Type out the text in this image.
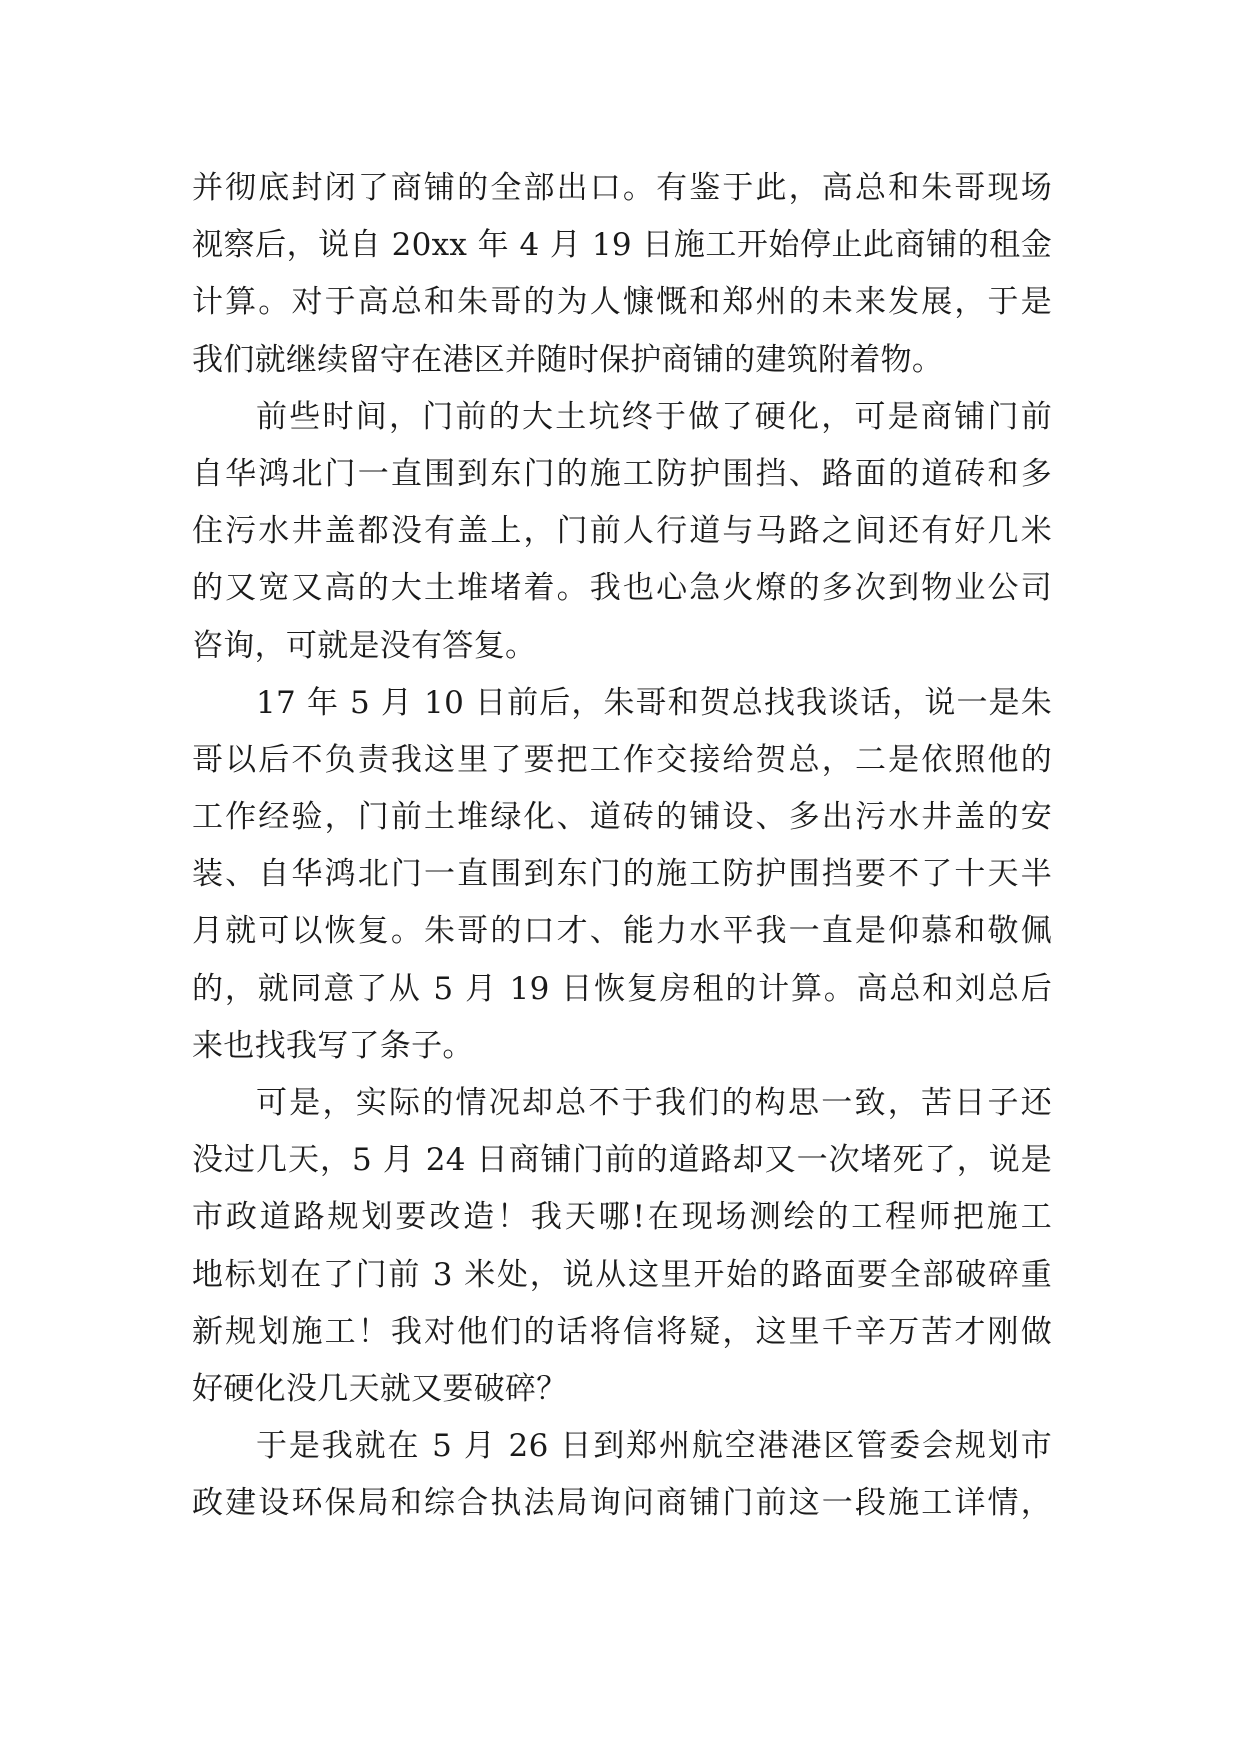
并彻底封闭了商铺的全部出口。有鉴于此，高总和朱哥现场
视察后，说自 20xx 年 4 月 19 日施工开始停止此商铺的租金
计算。对于高总和朱哥的为人慷慨和郑州的未来发展，于是
我们就继续留守在港区并随时保护商铺的建筑附着物。
前些时间，门前的大土坑终于做了硬化，可是商铺门前
自华鸿北门一直围到东门的施工防护围挡、路面的道砖和多
住污水井盖都没有盖上，门前人行道与马路之间还有好几米
的又宽又高的大土堆堵着。我也心急火燎的多次到物业公司
咨询，可就是没有答复。
17 年 5 月 10 日前后，朱哥和贺总找我谈话，说一是朱
哥以后不负责我这里了要把工作交接给贺总，二是依照他的
工作经验，门前土堆绿化、道砖的铺设、多出污水井盖的安
装、自华鸿北门一直围到东门的施工防护围挡要不了十天半
月就可以恢复。朱哥的口才、能力水平我一直是仰慕和敬佩
的，就同意了从 5 月 19 日恢复房租的计算。高总和刘总后
来也找我写了条子。
可是，实际的情况却总不于我们的构思一致，苦日子还
没过几天，5 月 24 日商铺门前的道路却又一次堵死了，说是
市政道路规划要改造！我天哪!在现场测绘的工程师把施工
地标划在了门前 3 米处，说从这里开始的路面要全部破碎重
新规划施工！我对他们的话将信将疑，这里千辛万苦才刚做
好硬化没几天就又要破碎？
于是我就在 5 月 26 日到郑州航空港港区管委会规划市
政建设环保局和综合执法局询问商铺门前这一段施工详情，
